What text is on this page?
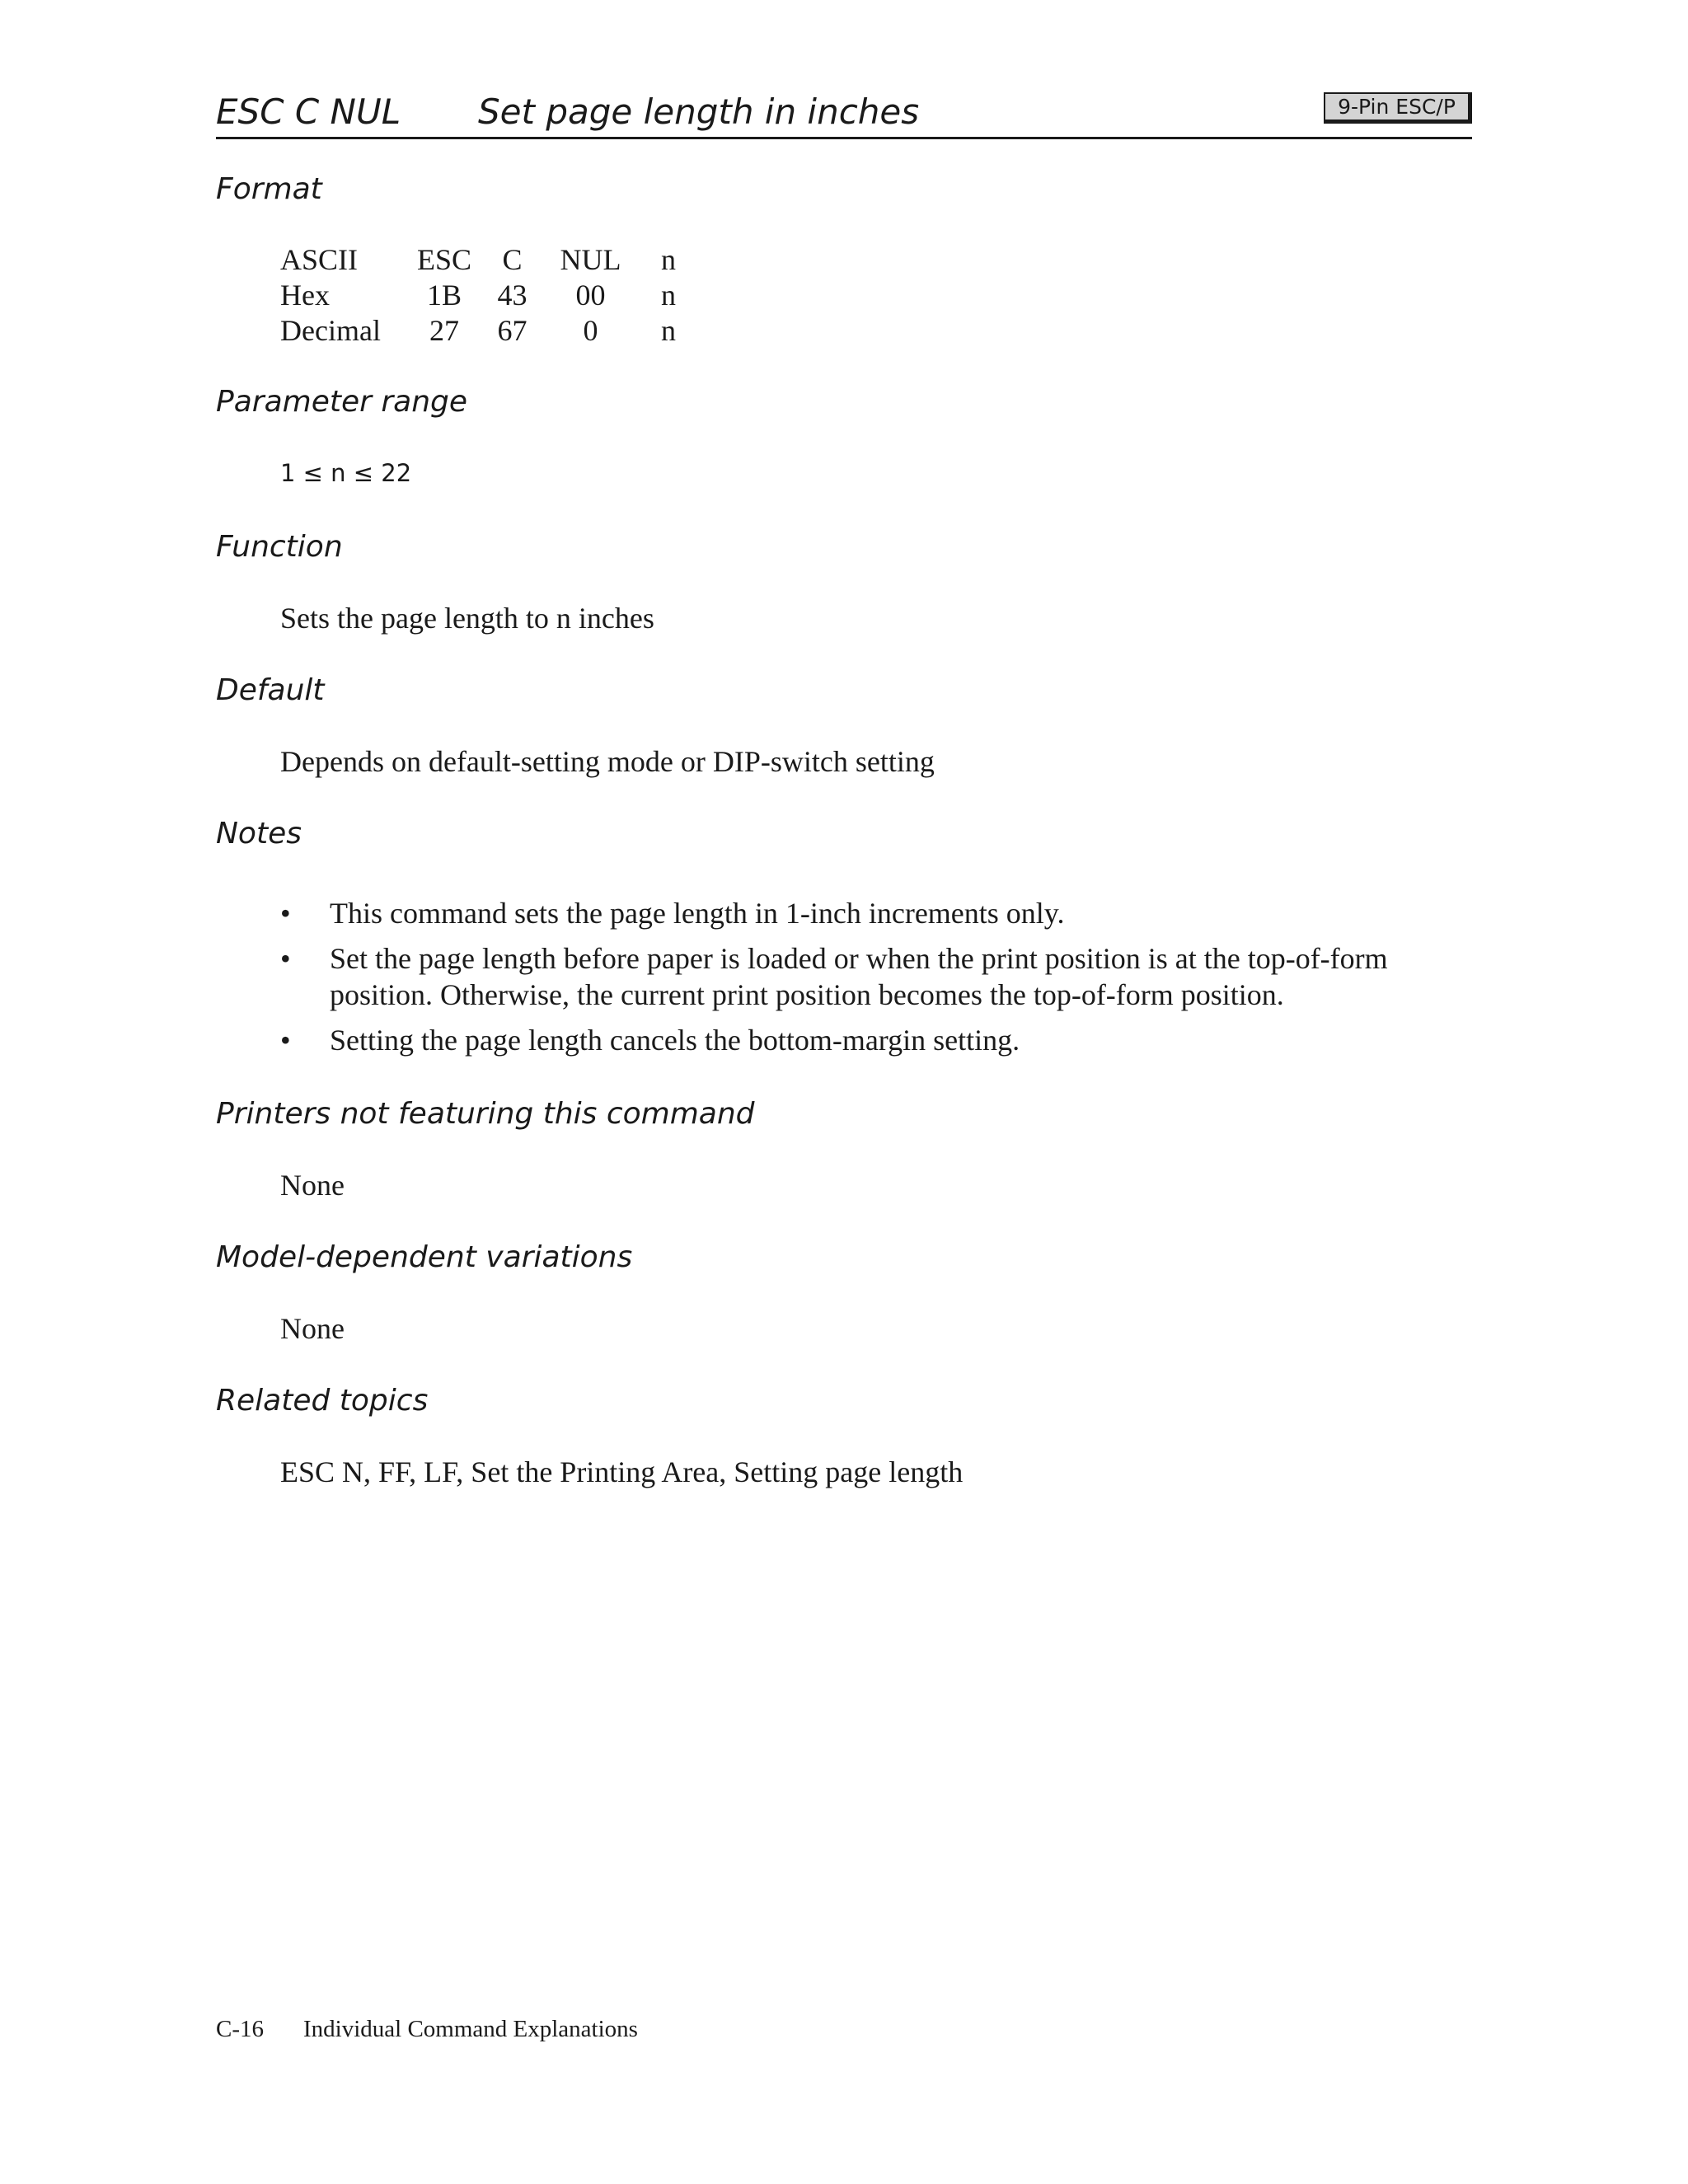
ESC C NUL Set page length in inches	9-Pin ESC/P
Format
ASCII	ESC	C	NUL	n
Hex	1B	43	00	n
Decimal	27	67	0	n
Parameter range
1 ≤ n ≤ 22
Function
Sets the page length to n inches
Default
Depends on default-setting mode or DIP-switch setting
Notes
• This command sets the page length in 1-inch increments only.
• Set the page length before paper is loaded or when the print position is at the top-of-form position. Otherwise, the current print position becomes the top-of-form position.
• Setting the page length cancels the bottom-margin setting.
Printers not featuring this command
None
Model-dependent variations
None
Related topics
ESC N, FF, LF, Set the Printing Area, Setting page length
C-16 Individual Command Explanations
